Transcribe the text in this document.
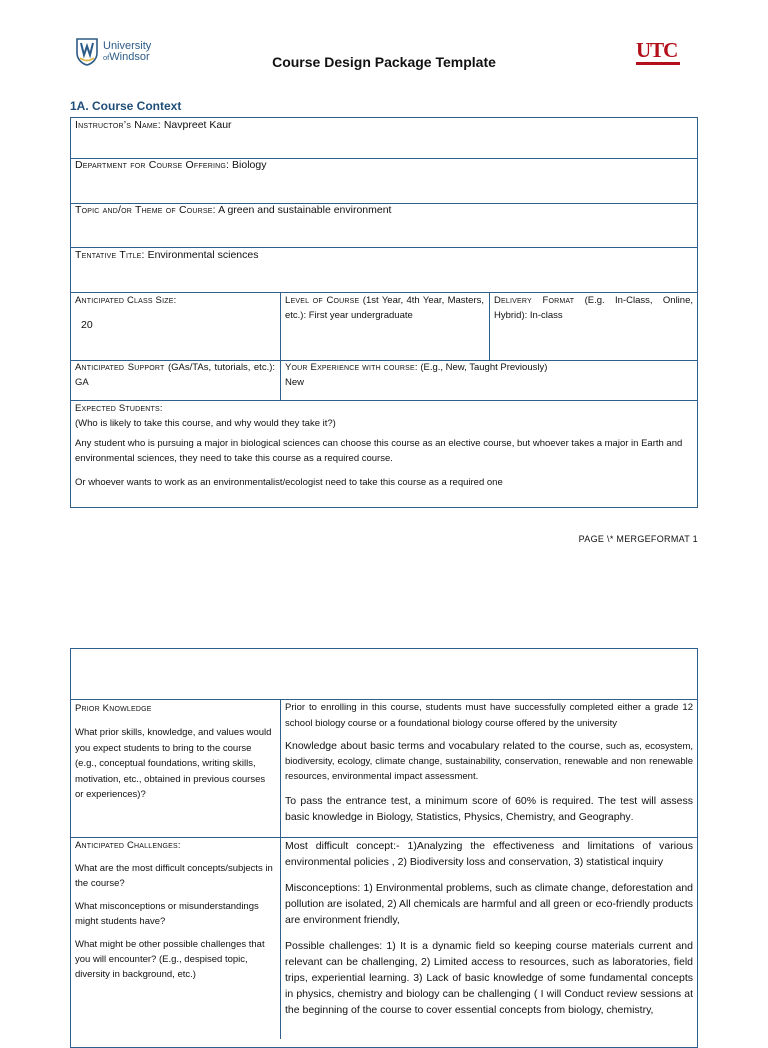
University
ofWindsor	Course Design Package Template	UTC
1A. Course Context
Instructor’s Name: Navpreet Kaur
Department for Course Offering: Biology
Topic and/or Theme of Course: A green and sustainable environment
Tentative Title: Environmental sciences
Anticipated Class Size:
20
Level of Course (1st Year, 4th Year, Masters, etc.): First year undergraduate
Delivery Format (E.g. In-Class, Online, Hybrid): In-class
Anticipated Support (GAs/TAs, tutorials, etc.): GA
Your Experience with course: (E.g., New, Taught Previously)
New
Expected Students:
(Who is likely to take this course, and why would they take it?)
Any student who is pursuing a major in biological sciences can choose this course as an elective course, but whoever takes a major in Earth and environmental sciences, they need to take this course as a required course.
Or whoever wants to work as an environmentalist/ecologist need to take this course as a required one
PAGE \* MERGEFORMAT 1
Prior Knowledge
What prior skills, knowledge, and values would you expect students to bring to the course (e.g., conceptual foundations, writing skills, motivation, etc., obtained in previous courses or experiences)?
Prior to enrolling in this course, students must have successfully completed either a grade 12 school biology course or a foundational biology course offered by the university
Knowledge about basic terms and vocabulary related to the course, such as, ecosystem, biodiversity, ecology, climate change, sustainability, conservation, renewable and non renewable resources, environmental impact assessment.
To pass the entrance test, a minimum score of 60% is required. The test will assess basic knowledge in Biology, Statistics, Physics, Chemistry, and Geography.
Anticipated Challenges:
What are the most difficult concepts/subjects in the course?
What misconceptions or misunderstandings might students have?
What might be other possible challenges that you will encounter? (E.g., despised topic, diversity in background, etc.)
Most difficult concept:- 1)Analyzing the effectiveness and limitations of various environmental policies , 2) Biodiversity loss and conservation, 3) statistical inquiry
Misconceptions: 1) Environmental problems, such as climate change, deforestation and pollution are isolated, 2) All chemicals are harmful and all green or eco-friendly products are environment friendly,
Possible challenges: 1) It is a dynamic field so keeping course materials current and relevant can be challenging, 2) Limited access to resources, such as laboratories, field trips, experiential learning. 3) Lack of basic knowledge of some fundamental concepts in physics, chemistry and biology can be challenging ( I will Conduct review sessions at the beginning of the course to cover essential concepts from biology, chemistry,
